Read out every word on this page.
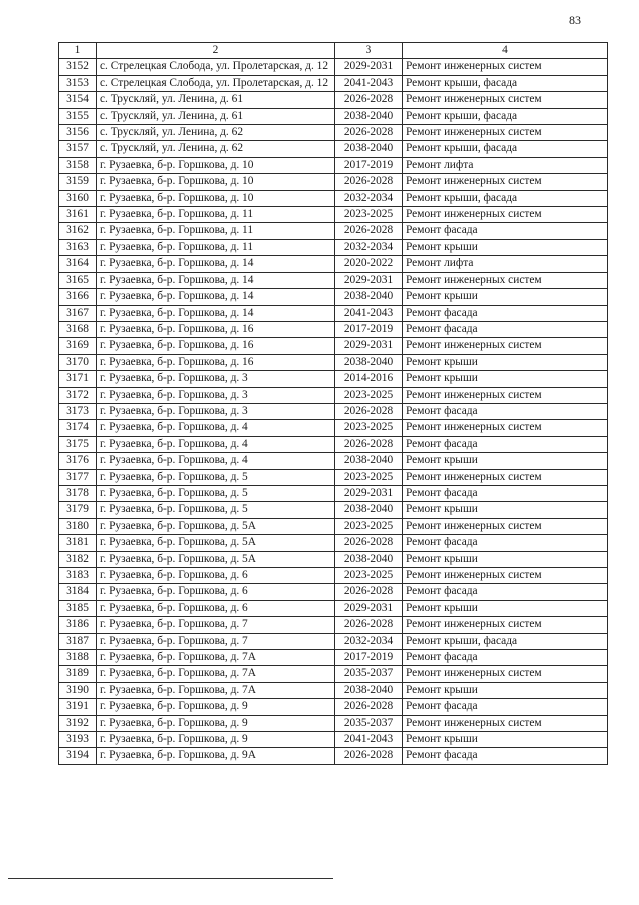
83
1	2	3	4
3152	с. Стрелецкая Слобода, ул. Пролетарская, д. 12	2029-2031	Ремонт инженерных систем
3153	с. Стрелецкая Слобода, ул. Пролетарская, д. 12	2041-2043	Ремонт крыши, фасада
3154	с. Трускляй, ул. Ленина, д. 61	2026-2028	Ремонт инженерных систем
3155	с. Трускляй, ул. Ленина, д. 61	2038-2040	Ремонт крыши, фасада
3156	с. Трускляй, ул. Ленина, д. 62	2026-2028	Ремонт инженерных систем
3157	с. Трускляй, ул. Ленина, д. 62	2038-2040	Ремонт крыши, фасада
3158	г. Рузаевка, б-р. Горшкова, д. 10	2017-2019	Ремонт лифта
3159	г. Рузаевка, б-р. Горшкова, д. 10	2026-2028	Ремонт инженерных систем
3160	г. Рузаевка, б-р. Горшкова, д. 10	2032-2034	Ремонт крыши, фасада
3161	г. Рузаевка, б-р. Горшкова, д. 11	2023-2025	Ремонт инженерных систем
3162	г. Рузаевка, б-р. Горшкова, д. 11	2026-2028	Ремонт фасада
3163	г. Рузаевка, б-р. Горшкова, д. 11	2032-2034	Ремонт крыши
3164	г. Рузаевка, б-р. Горшкова, д. 14	2020-2022	Ремонт лифта
3165	г. Рузаевка, б-р. Горшкова, д. 14	2029-2031	Ремонт инженерных систем
3166	г. Рузаевка, б-р. Горшкова, д. 14	2038-2040	Ремонт крыши
3167	г. Рузаевка, б-р. Горшкова, д. 14	2041-2043	Ремонт фасада
3168	г. Рузаевка, б-р. Горшкова, д. 16	2017-2019	Ремонт фасада
3169	г. Рузаевка, б-р. Горшкова, д. 16	2029-2031	Ремонт инженерных систем
3170	г. Рузаевка, б-р. Горшкова, д. 16	2038-2040	Ремонт крыши
3171	г. Рузаевка, б-р. Горшкова, д. 3	2014-2016	Ремонт крыши
3172	г. Рузаевка, б-р. Горшкова, д. 3	2023-2025	Ремонт инженерных систем
3173	г. Рузаевка, б-р. Горшкова, д. 3	2026-2028	Ремонт фасада
3174	г. Рузаевка, б-р. Горшкова, д. 4	2023-2025	Ремонт инженерных систем
3175	г. Рузаевка, б-р. Горшкова, д. 4	2026-2028	Ремонт фасада
3176	г. Рузаевка, б-р. Горшкова, д. 4	2038-2040	Ремонт крыши
3177	г. Рузаевка, б-р. Горшкова, д. 5	2023-2025	Ремонт инженерных систем
3178	г. Рузаевка, б-р. Горшкова, д. 5	2029-2031	Ремонт фасада
3179	г. Рузаевка, б-р. Горшкова, д. 5	2038-2040	Ремонт крыши
3180	г. Рузаевка, б-р. Горшкова, д. 5А	2023-2025	Ремонт инженерных систем
3181	г. Рузаевка, б-р. Горшкова, д. 5А	2026-2028	Ремонт фасада
3182	г. Рузаевка, б-р. Горшкова, д. 5А	2038-2040	Ремонт крыши
3183	г. Рузаевка, б-р. Горшкова, д. 6	2023-2025	Ремонт инженерных систем
3184	г. Рузаевка, б-р. Горшкова, д. 6	2026-2028	Ремонт фасада
3185	г. Рузаевка, б-р. Горшкова, д. 6	2029-2031	Ремонт крыши
3186	г. Рузаевка, б-р. Горшкова, д. 7	2026-2028	Ремонт инженерных систем
3187	г. Рузаевка, б-р. Горшкова, д. 7	2032-2034	Ремонт крыши, фасада
3188	г. Рузаевка, б-р. Горшкова, д. 7А	2017-2019	Ремонт фасада
3189	г. Рузаевка, б-р. Горшкова, д. 7А	2035-2037	Ремонт инженерных систем
3190	г. Рузаевка, б-р. Горшкова, д. 7А	2038-2040	Ремонт крыши
3191	г. Рузаевка, б-р. Горшкова, д. 9	2026-2028	Ремонт фасада
3192	г. Рузаевка, б-р. Горшкова, д. 9	2035-2037	Ремонт инженерных систем
3193	г. Рузаевка, б-р. Горшкова, д. 9	2041-2043	Ремонт крыши
3194	г. Рузаевка, б-р. Горшкова, д. 9А	2026-2028	Ремонт фасада
